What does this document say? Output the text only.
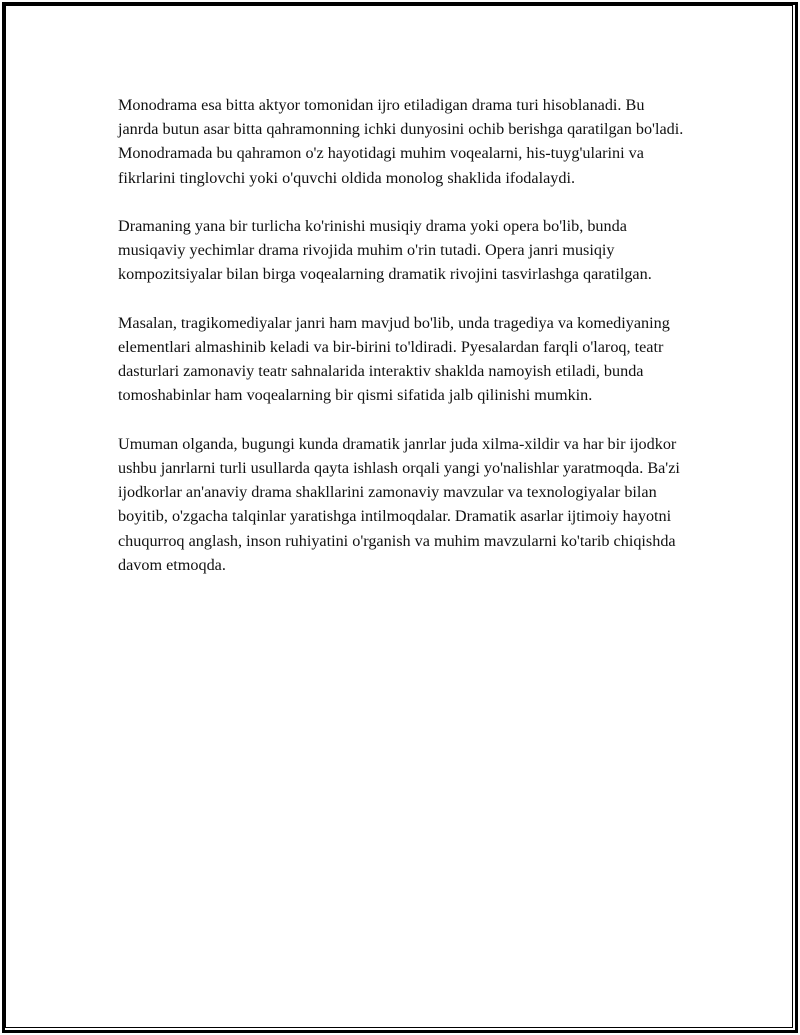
Monodrama esa bitta aktyor tomonidan ijro etiladigan drama turi hisoblanadi. Bu janrda butun asar bitta qahramonning ichki dunyosini ochib berishga qaratilgan bo'ladi. Monodramada bu qahramon o'z hayotidagi muhim voqealarni, his-tuyg'ularini va fikrlarini tinglovchi yoki o'quvchi oldida monolog shaklida ifodalaydi.

Dramaning yana bir turlicha ko'rinishi musiqiy drama yoki opera bo'lib, bunda musiqaviy yechimlar drama rivojida muhim o'rin tutadi. Opera janri musiqiy kompozitsiyalar bilan birga voqealarning dramatik rivojini tasvirlashga qaratilgan.

Masalan, tragikomediyalar janri ham mavjud bo'lib, unda tragediya va komediyaning elementlari almashinib keladi va bir-birini to'ldiradi. Pyesalardan farqli o'laroq, teatr dasturlari zamonaviy teatr sahnalarida interaktiv shaklda namoyish etiladi, bunda tomoshabinlar ham voqealarning bir qismi sifatida jalb qilinishi mumkin.

Umuman olganda, bugungi kunda dramatik janrlar juda xilma-xildir va har bir ijodkor ushbu janrlarni turli usullarda qayta ishlash orqali yangi yo'nalishlar yaratmoqda. Ba'zi ijodkorlar an'anaviy drama shakllarini zamonaviy mavzular va texnologiyalar bilan boyitib, o'zgacha talqinlar yaratishga intilmoqdalar. Dramatik asarlar ijtimoiy hayotni chuqurroq anglash, inson ruhiyatini o'rganish va muhim mavzularni ko'tarib chiqishda davom etmoqda.
